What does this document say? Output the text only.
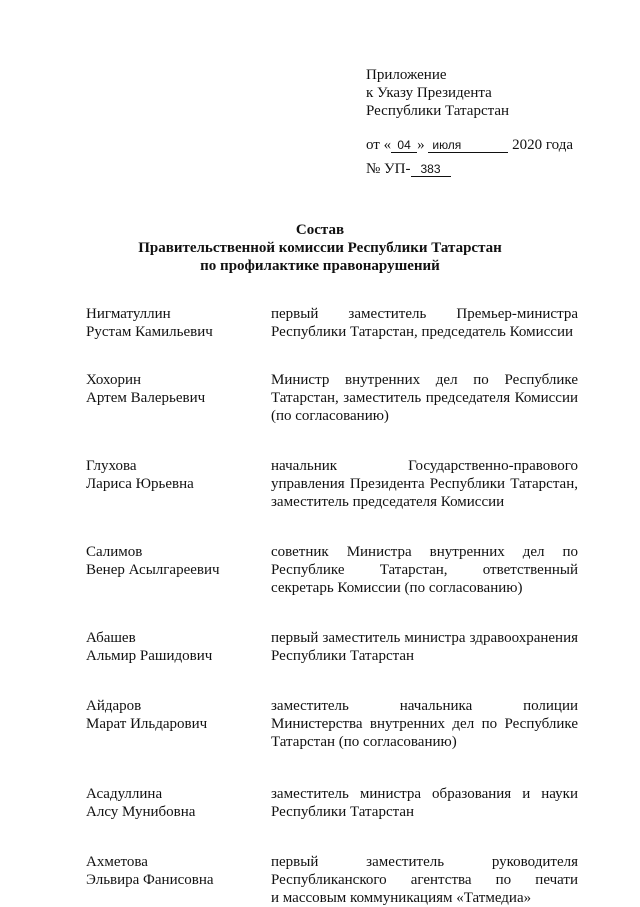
Приложение
к Указу Президента
Республики Татарстан
от « 04 » июля	2020 года
№ УП- 383
Состав
Правительственной комиссии Республики Татарстан
по профилактике правонарушений
Нигматуллин
Рустам Камильевич
первый заместитель Премьер-министра
Республики Татарстан, председатель Комиссии
Хохорин
Артем Валерьевич
Министр внутренних дел по Республике
Татарстан, заместитель председателя Комиссии
(по согласованию)
Глухова
Лариса Юрьевна
начальник Государственно-правового
управления Президента Республики Татарстан,
заместитель председателя Комиссии
Салимов
Венер Асылгареевич
советник Министра внутренних дел по
Республике Татарстан, ответственный
секретарь Комиссии (по согласованию)
Абашев
Альмир Рашидович
первый заместитель министра здравоохранения
Республики Татарстан
Айдаров
Марат Ильдарович
заместитель начальника полиции
Министерства внутренних дел по Республике
Татарстан (по согласованию)
Асадуллина
Алсу Мунибовна
заместитель министра образования и науки
Республики Татарстан
Ахметова
Эльвира Фанисовна
первый заместитель руководителя
Республиканского агентства по печати
и массовым коммуникациям «Татмедиа»
